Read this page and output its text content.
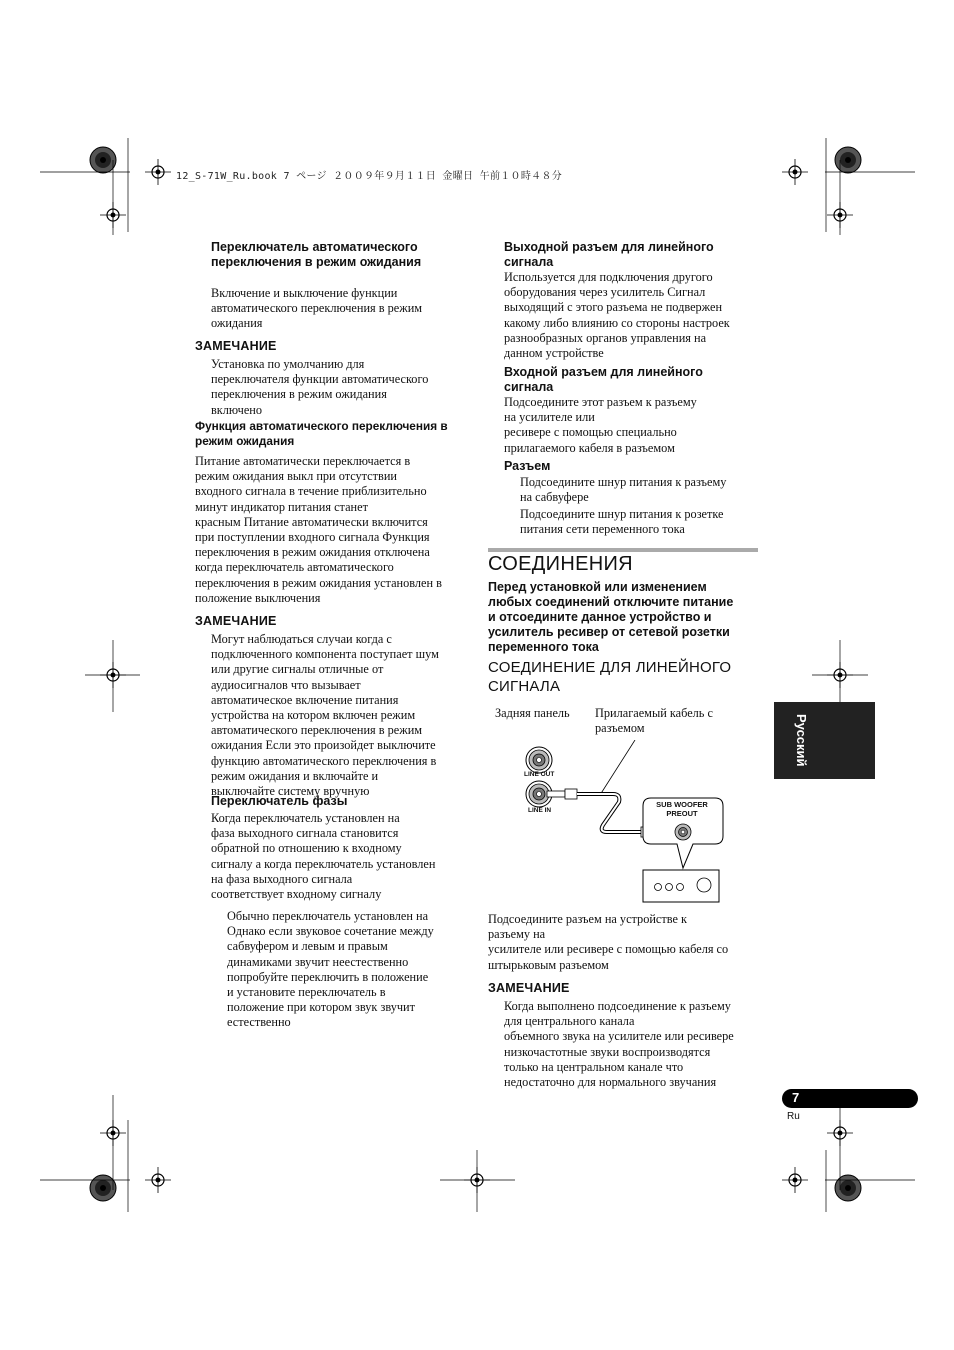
12_S-71W_Ru.book 7 ページ ２００９年９月１１日 金曜日 午前１０時４８分
Переключатель автоматического
переключения в режим ожидания
Включение и выключение функции
автоматического переключения в режим
ожидания
ЗАМЕЧАНИЕ
Установка по умолчанию для
переключателя функции автоматического
переключения в режим ожидания
включено
Функция автоматического переключения в
режим ожидания
Питание автоматически переключается в
режим ожидания выкл при отсутствии
входного сигнала в течение приблизительно
минут индикатор питания станет
красным Питание автоматически включится
при поступлении входного сигнала Функция
переключения в режим ожидания отключена
когда переключатель автоматического
переключения в режим ожидания установлен в
положение выключения
ЗАМЕЧАНИЕ
Могут наблюдаться случаи когда с
подключенного компонента поступает шум
или другие сигналы отличные от
аудиосигналов что вызывает
автоматическое включение питания
устройства на котором включен режим
автоматического переключения в режим
ожидания Если это произойдет выключите
функцию автоматического переключения в
режим ожидания и включайте и
выключайте систему вручную
Переключатель фазы
Когда переключатель установлен на
фаза выходного сигнала становится
обратной по отношению к входному
сигналу а когда переключатель установлен
на фаза выходного сигнала
соответствует входному сигналу
Обычно переключатель установлен на
Однако если звуковое сочетание между
сабвуфером и левым и правым
динамиками звучит неестественно
попробуйте переключить в положение
и установите переключатель в
положение при котором звук звучит
естественно
Выходной разъем для линейного
сигнала
Используется для подключения другого
оборудования через усилитель Сигнал
выходящий с этого разъема не подвержен
какому либо влиянию со стороны настроек
разнообразных органов управления на
данном устройстве
Входной разъем для линейного
сигнала
Подсоедините этот разъем к разъему
на усилителе или
ресивере с помощью специально
прилагаемого кабеля в разъемом
Разъем
Подсоедините шнур питания к разъему
на сабвуфере
Подсоедините шнур питания к розетке
питания сети переменного тока
СОЕДИНЕНИЯ
Перед установкой или изменением
любых соединений отключите питание
и отсоедините данное устройство и
усилитель ресивер от сетевой розетки
переменного тока
СОЕДИНЕНИЕ ДЛЯ ЛИНЕЙНОГО
СИГНАЛА
Задняя панель Прилагаемый кабель с
разъемом
LINE OUT
LINE IN
SUB WOOFER
PREOUT
Подсоедините разъем на устройстве к
разъему на
усилителе или ресивере с помощью кабеля со
штырьковым разъемом
ЗАМЕЧАНИЕ
Когда выполнено подсоединение к разъему
для центрального канала
объемного звука на усилителе или ресивере
низкочастотные звуки воспроизводятся
только на центральном канале что
недостаточно для нормального звучания
Русский
7
Ru
